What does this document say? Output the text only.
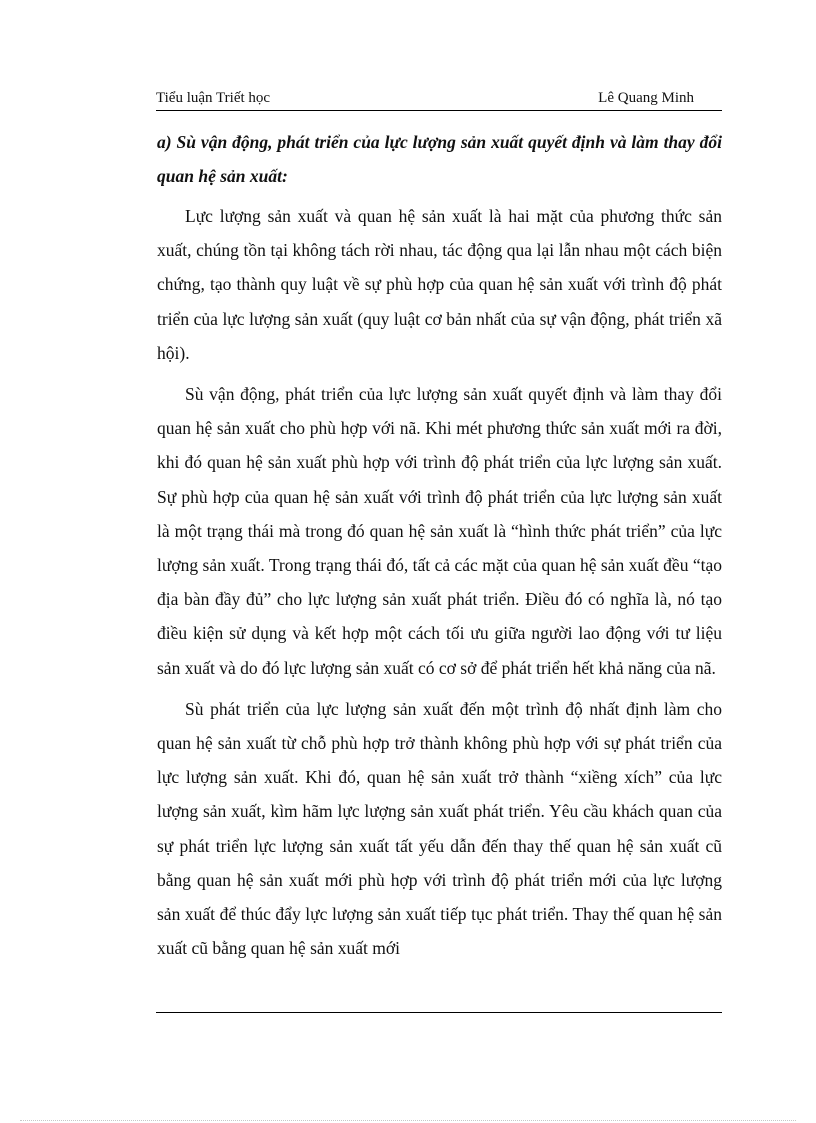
Tiểu luận Triết học	Lê Quang Minh

a) Sù vận động, phát triển của lực lượng sản xuất quyết định và làm thay đổi quan hệ sản xuất:

Lực lượng sản xuất và quan hệ sản xuất là hai mặt của phương thức sản xuất, chúng tồn tại không tách rời nhau, tác động qua lại lẫn nhau một cách biện chứng, tạo thành quy luật về sự phù hợp của quan hệ sản xuất với trình độ phát triển của lực lượng sản xuất (quy luật cơ bản nhất của sự vận động, phát triển xã hội).

Sù vận động, phát triển của lực lượng sản xuất quyết định và làm thay đổi quan hệ sản xuất cho phù hợp với nã. Khi mét phương thức sản xuất mới ra đời, khi đó quan hệ sản xuất phù hợp với trình độ phát triển của lực lượng sản xuất. Sự phù hợp của quan hệ sản xuất với trình độ phát triển của lực lượng sản xuất là một trạng thái mà trong đó quan hệ sản xuất là “hình thức phát triển” của lực lượng sản xuất. Trong trạng thái đó, tất cả các mặt của quan hệ sản xuất đều “tạo địa bàn đầy đủ” cho lực lượng sản xuất phát triển. Điều đó có nghĩa là, nó tạo điều kiện sử dụng và kết hợp một cách tối ưu giữa người lao động với tư liệu sản xuất và do đó lực lượng sản xuất có cơ sở để phát triển hết khả năng của nã.

Sù phát triển của lực lượng sản xuất đến một trình độ nhất định làm cho quan hệ sản xuất từ chỗ phù hợp trở thành không phù hợp với sự phát triển của lực lượng sản xuất. Khi đó, quan hệ sản xuất trở thành “xiềng xích” của lực lượng sản xuất, kìm hãm lực lượng sản xuất phát triển. Yêu cầu khách quan của sự phát triển lực lượng sản xuất tất yếu dẫn đến thay thế quan hệ sản xuất cũ bằng quan hệ sản xuất mới phù hợp với trình độ phát triển mới của lực lượng sản xuất để thúc đẩy lực lượng sản xuất tiếp tục phát triển. Thay thế quan hệ sản xuất cũ bằng quan hệ sản xuất mới
